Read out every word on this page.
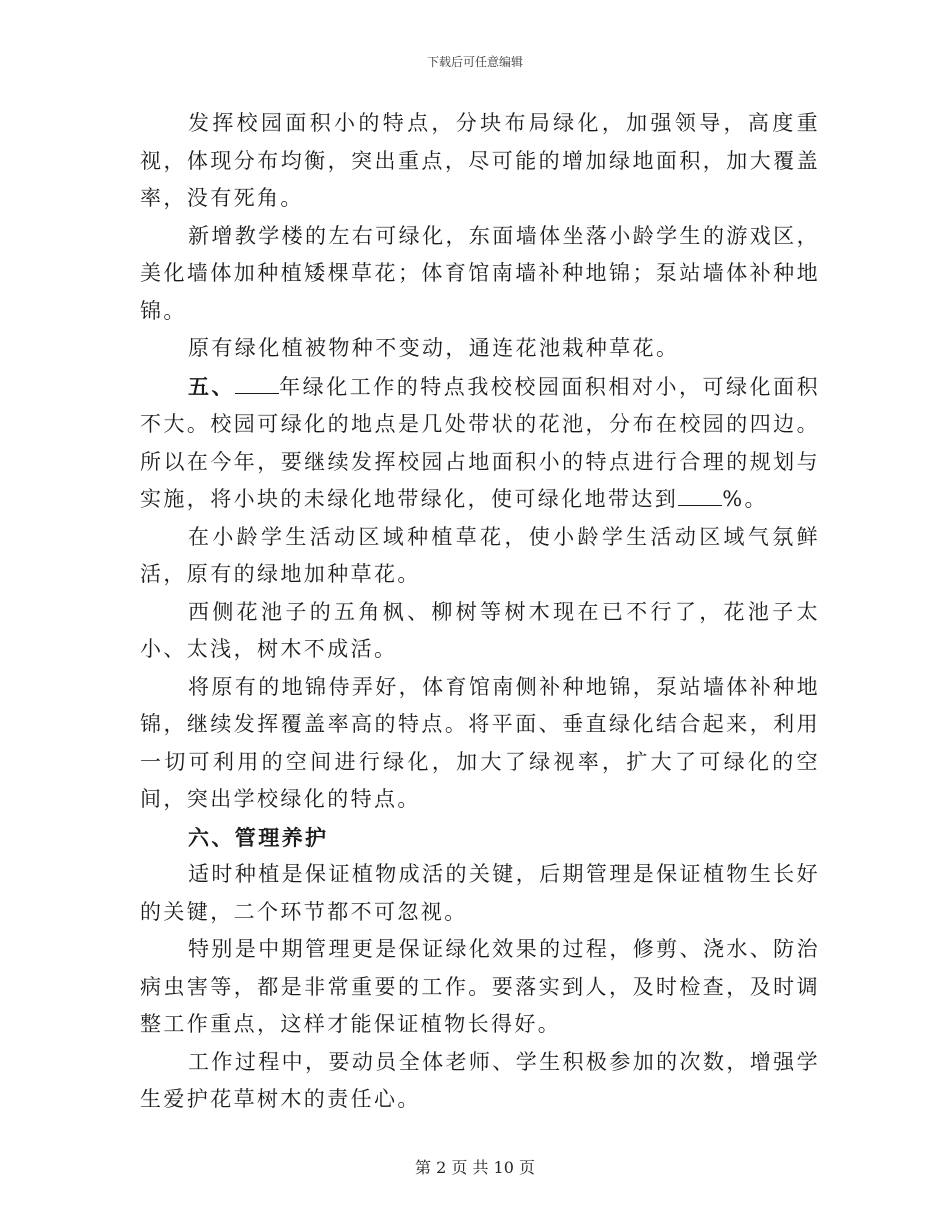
下载后可任意编辑

发挥校园面积小的特点，分块布局绿化，加强领导，高度重视，体现分布均衡，突出重点，尽可能的增加绿地面积，加大覆盖率，没有死角。

新增教学楼的左右可绿化，东面墙体坐落小龄学生的游戏区，美化墙体加种植矮棵草花；体育馆南墙补种地锦；泵站墙体补种地锦。

原有绿化植被物种不变动，通连花池栽种草花。

五、 年绿化工作的特点我校校园面积相对小，可绿化面积不大。校园可绿化的地点是几处带状的花池，分布在校园的四边。所以在今年，要继续发挥校园占地面积小的特点进行合理的规划与实施，将小块的未绿化地带绿化，使可绿化地带达到 %。

在小龄学生活动区域种植草花，使小龄学生活动区域气氛鲜活，原有的绿地加种草花。

西侧花池子的五角枫、柳树等树木现在已不行了，花池子太小、太浅，树木不成活。

将原有的地锦侍弄好，体育馆南侧补种地锦，泵站墙体补种地锦，继续发挥覆盖率高的特点。将平面、垂直绿化结合起来，利用一切可利用的空间进行绿化，加大了绿视率，扩大了可绿化的空间，突出学校绿化的特点。

六、管理养护

适时种植是保证植物成活的关键，后期管理是保证植物生长好的关键，二个环节都不可忽视。

特别是中期管理更是保证绿化效果的过程，修剪、浇水、防治病虫害等，都是非常重要的工作。要落实到人，及时检查，及时调整工作重点，这样才能保证植物长得好。

工作过程中，要动员全体老师、学生积极参加的次数，增强学生爱护花草树木的责任心。

第 2 页 共 10 页
